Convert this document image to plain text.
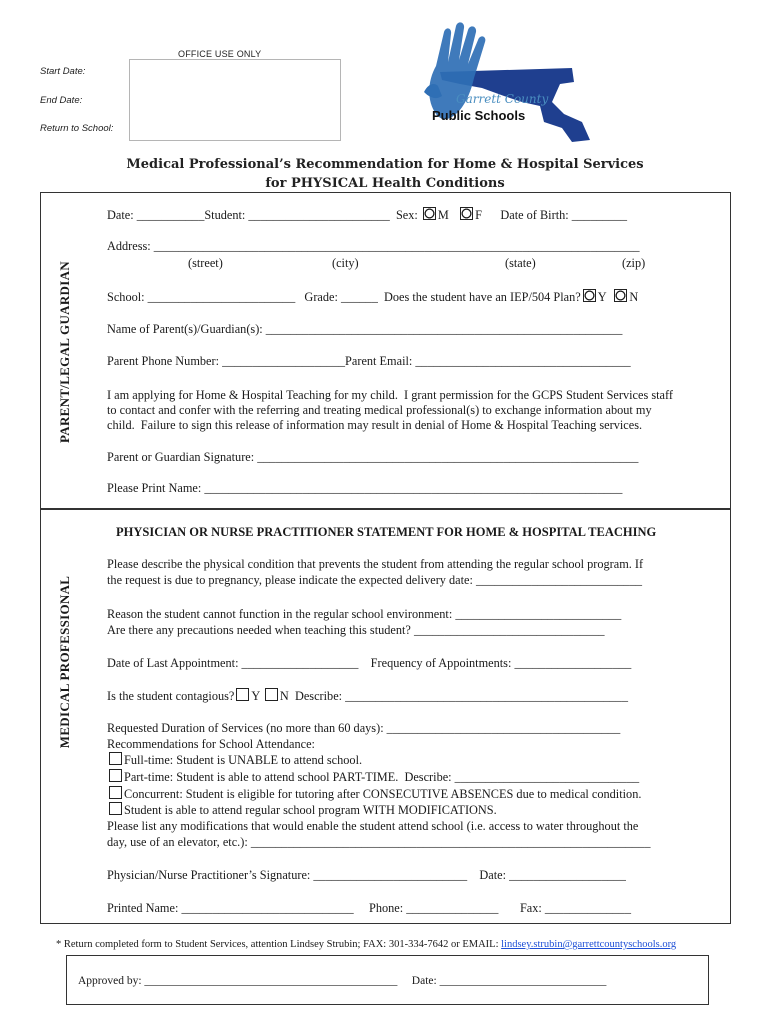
OFFICE USE ONLY
Start Date:
End Date:
Return to School:
Garrett County
Public Schools
Medical Professional’s Recommendation for Home & Hospital Services
for PHYSICAL Health Conditions
PARENT/LEGAL GUARDIAN
Date: ___________Student: _______________________  Sex: M F Date of Birth: _________
Address: _______________________________________________________________________________
(street)	(city)	(state)	(zip)
School: ________________________   Grade: ______  Does the student have an IEP/504 Plan? Y N
Name of Parent(s)/Guardian(s): __________________________________________________________
Parent Phone Number: ____________________Parent Email: ___________________________________
I am applying for Home & Hospital Teaching for my child.  I grant permission for the GCPS Student Services staff
to contact and confer with the referring and treating medical professional(s) to exchange information about my
child.  Failure to sign this release of information may result in denial of Home & Hospital Teaching services.
Parent or Guardian Signature: ______________________________________________________________
Please Print Name: ____________________________________________________________________
MEDICAL PROFESSIONAL
PHYSICIAN OR NURSE PRACTITIONER STATEMENT FOR HOME & HOSPITAL TEACHING
Please describe the physical condition that prevents the student from attending the regular school program. If
the request is due to pregnancy, please indicate the expected delivery date: ___________________________
Reason the student cannot function in the regular school environment: ___________________________
Are there any precautions needed when teaching this student? _______________________________
Date of Last Appointment: ___________________    Frequency of Appointments: ___________________
Is the student contagious? Y N Describe: ______________________________________________
Requested Duration of Services (no more than 60 days): ______________________________________
Recommendations for School Attendance:
Full-time: Student is UNABLE to attend school.
Part-time: Student is able to attend school PART-TIME.  Describe: ______________________________
Concurrent: Student is eligible for tutoring after CONSECUTIVE ABSENCES due to medical condition.
Student is able to attend regular school program WITH MODIFICATIONS.
Please list any modifications that would enable the student attend school (i.e. access to water throughout the
day, use of an elevator, etc.): _________________________________________________________________
Physician/Nurse Practitioner’s Signature: _________________________    Date: ___________________
Printed Name: ____________________________     Phone: _______________       Fax: ______________
* Return completed form to Student Services, attention Lindsey Strubin; FAX: 301-334-7642 or EMAIL: lindsey.strubin@garrettcountyschools.org
Approved by: ____________________________________________     Date: _____________________________
